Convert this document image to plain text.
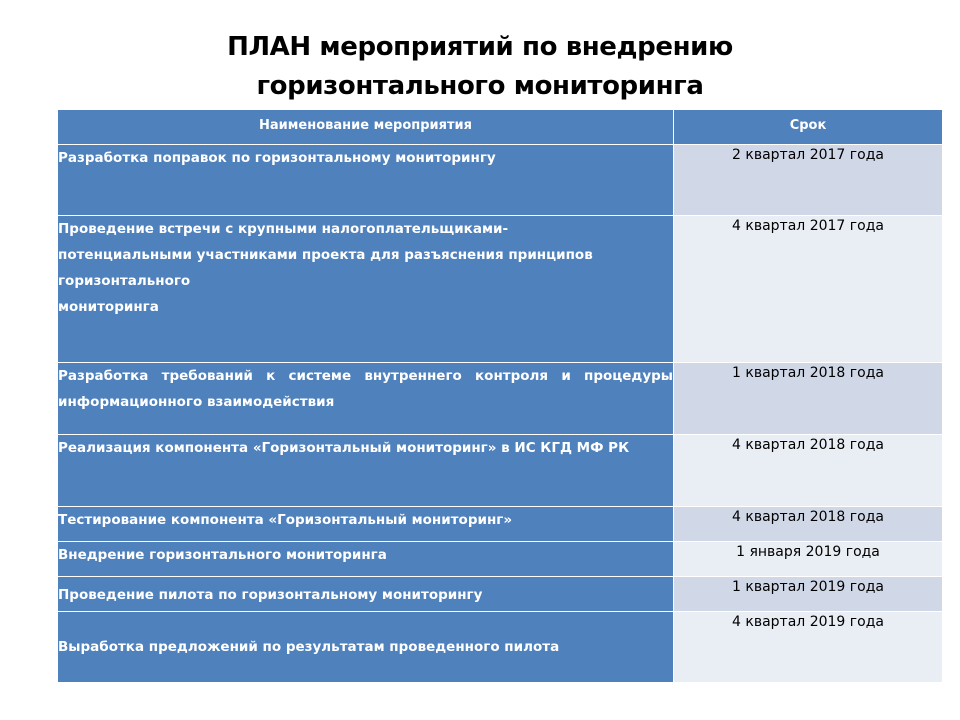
ПЛАН мероприятий по внедрению
горизонтального мониторинга
Наименование мероприятия	Срок
Разработка поправок по горизонтальному мониторингу	2 квартал 2017 года
Проведение встречи с крупными налогоплательщиками-
потенциальными участниками проекта для разъяснения принципов горизонтального
мониторинга	4 квартал 2017 года
Разработка требований к системе внутреннего контроля и процедуры информационного взаимодействия	1 квартал 2018 года
Реализация компонента «Горизонтальный мониторинг» в ИС КГД МФ РК	4 квартал 2018 года
Тестирование компонента «Горизонтальный мониторинг»	4 квартал 2018 года
Внедрение горизонтального мониторинга	1 января 2019 года
Проведение пилота по горизонтальному мониторингу	1 квартал 2019 года
Выработка предложений по результатам проведенного пилота	4 квартал 2019 года
